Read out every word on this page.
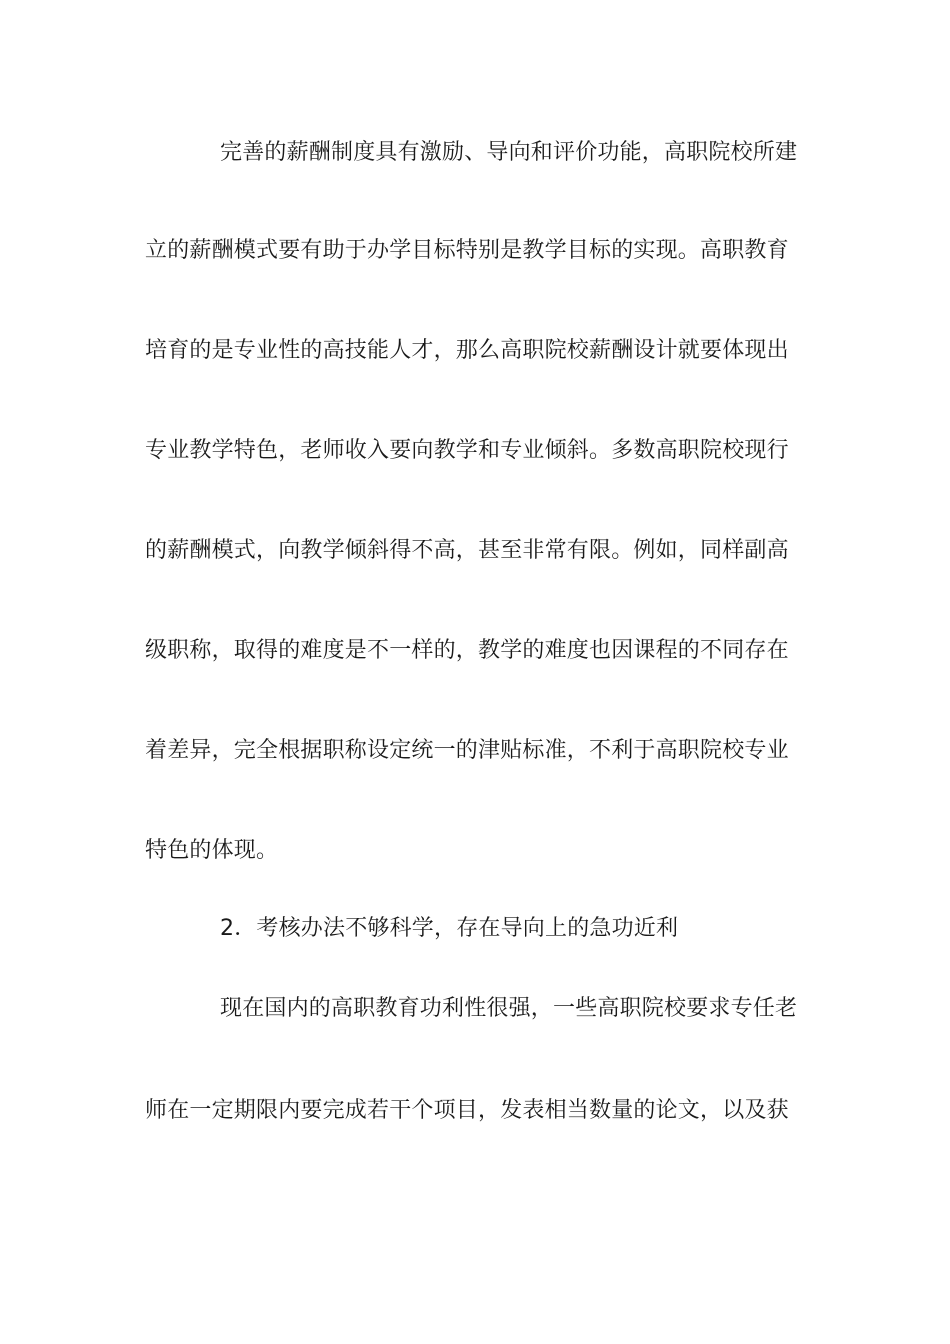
完善的薪酬制度具有激励、导向和评价功能，高职院校所建
立的薪酬模式要有助于办学目标特别是教学目标的实现。高职教育
培育的是专业性的高技能人才，那么高职院校薪酬设计就要体现出
专业教学特色，老师收入要向教学和专业倾斜。多数高职院校现行
的薪酬模式，向教学倾斜得不高，甚至非常有限。例如，同样副高
级职称，取得的难度是不一样的，教学的难度也因课程的不同存在
着差异，完全根据职称设定统一的津贴标准，不利于高职院校专业
特色的体现。
2．考核办法不够科学，存在导向上的急功近利
现在国内的高职教育功利性很强，一些高职院校要求专任老
师在一定期限内要完成若干个项目，发表相当数量的论文，以及获
